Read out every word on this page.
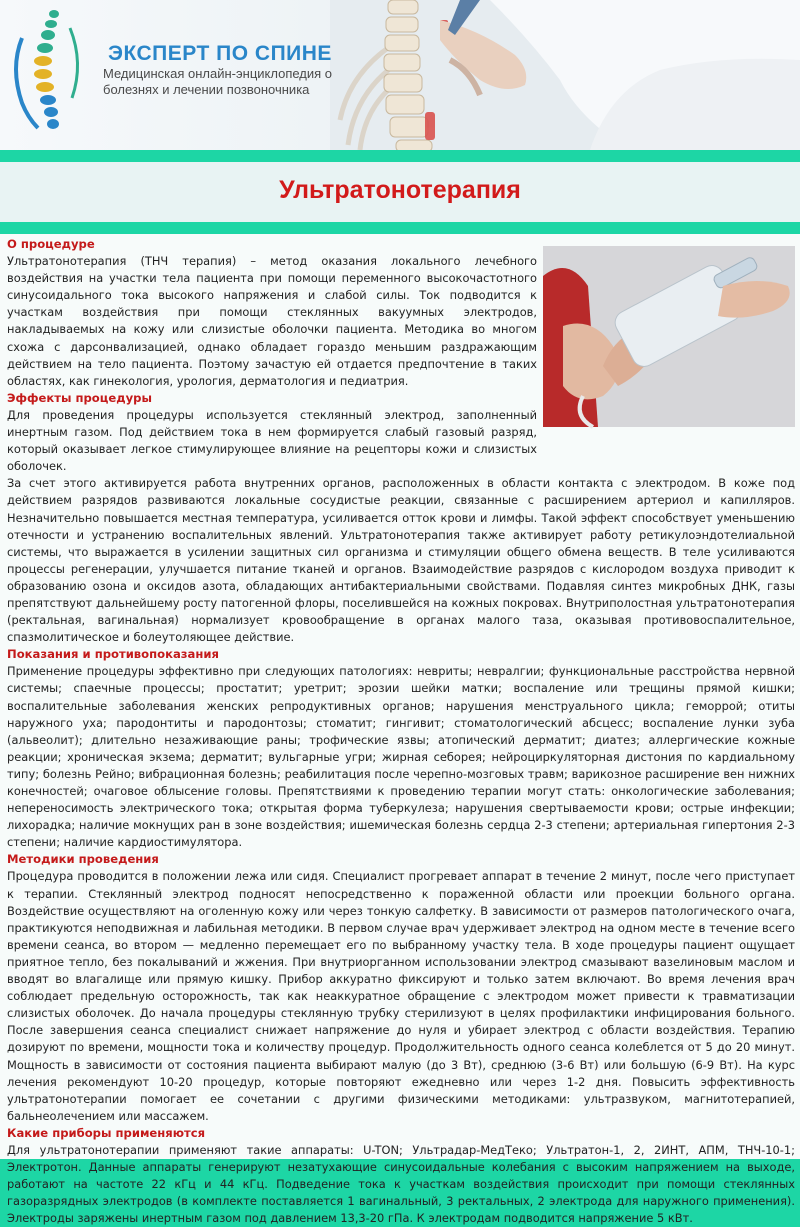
ЭКСПЕРТ ПО СПИНЕ
Медицинская онлайн-энциклопедия о болезнях и лечении позвоночника
Ультратонотерапия
О процедуре
Ультратонотерапия (ТНЧ терапия) – метод оказания локального лечебного воздействия на участки тела пациента при помощи переменного высокочастотного синусоидального тока высокого напряжения и слабой силы. Ток подводится к участкам воздействия при помощи стеклянных вакуумных электродов, накладываемых на кожу или слизистые оболочки пациента. Методика во многом схожа с дарсонвализацией, однако обладает гораздо меньшим раздражающим действием на тело пациента. Поэтому зачастую ей отдается предпочтение в таких областях, как гинекология, урология, дерматология и педиатрия.
Эффекты процедуры
Для проведения процедуры используется стеклянный электрод, заполненный инертным газом. Под действием тока в нем формируется слабый газовый разряд, который оказывает легкое стимулирующее влияние на рецепторы кожи и слизистых оболочек.
За счет этого активируется работа внутренних органов, расположенных в области контакта с электродом. В коже под действием разрядов развиваются локальные сосудистые реакции, связанные с расширением артериол и капилляров. Незначительно повышается местная температура, усиливается отток крови и лимфы. Такой эффект способствует уменьшению отечности и устранению воспалительных явлений. Ультратонотерапия также активирует работу ретикулоэндотелиальной системы, что выражается в усилении защитных сил организма и стимуляции общего обмена веществ. В теле усиливаются процессы регенерации, улучшается питание тканей и органов. Взаимодействие разрядов с кислородом воздуха приводит к образованию озона и оксидов азота, обладающих антибактериальными свойствами. Подавляя синтез микробных ДНК, газы препятствуют дальнейшему росту патогенной флоры, поселившейся на кожных покровах. Внутриполостная ультратонотерапия (ректальная, вагинальная) нормализует кровообращение в органах малого таза, оказывая противовоспалительное, спазмолитическое и болеутоляющее действие.
Показания и противопоказания
Применение процедуры эффективно при следующих патологиях: невриты; невралгии; функциональные расстройства нервной системы; спаечные процессы; простатит; уретрит; эрозии шейки матки; воспаление или трещины прямой кишки; воспалительные заболевания женских репродуктивных органов; нарушения менструального цикла; геморрой; отиты наружного уха; пародонтиты и пародонтозы; стоматит; гингивит; стоматологический абсцесс; воспаление лунки зуба (альвеолит); длительно незаживающие раны; трофические язвы; атопический дерматит; диатез; аллергические кожные реакции; хроническая экзема; дерматит; вульгарные угри; жирная себорея; нейроциркуляторная дистония по кардиальному типу; болезнь Рейно; вибрационная болезнь; реабилитация после черепно-мозговых травм; варикозное расширение вен нижних конечностей; очаговое облысение головы. Препятствиями к проведению терапии могут стать: онкологические заболевания; непереносимость электрического тока; открытая форма туберкулеза; нарушения свертываемости крови; острые инфекции; лихорадка; наличие мокнущих ран в зоне воздействия; ишемическая болезнь сердца 2-3 степени; артериальная гипертония 2-3 степени; наличие кардиостимулятора.
Методики проведения
Процедура проводится в положении лежа или сидя. Специалист прогревает аппарат в течение 2 минут, после чего приступает к терапии. Стеклянный электрод подносят непосредственно к пораженной области или проекции больного органа. Воздействие осуществляют на оголенную кожу или через тонкую салфетку. В зависимости от размеров патологического очага, практикуются неподвижная и лабильная методики. В первом случае врач удерживает электрод на одном месте в течение всего времени сеанса, во втором — медленно перемещает его по выбранному участку тела. В ходе процедуры пациент ощущает приятное тепло, без покалываний и жжения. При внутриорганном использовании электрод смазывают вазелиновым маслом и вводят во влагалище или прямую кишку. Прибор аккуратно фиксируют и только затем включают. Во время лечения врач соблюдает предельную осторожность, так как неаккуратное обращение с электродом может привести к травматизации слизистых оболочек. До начала процедуры стеклянную трубку стерилизуют в целях профилактики инфицирования больного. После завершения сеанса специалист снижает напряжение до нуля и убирает электрод с области воздействия. Терапию дозируют по времени, мощности тока и количеству процедур. Продолжительность одного сеанса колеблется от 5 до 20 минут. Мощность в зависимости от состояния пациента выбирают малую (до 3 Вт), среднюю (3-6 Вт) или большую (6-9 Вт). На курс лечения рекомендуют 10-20 процедур, которые повторяют ежедневно или через 1-2 дня. Повысить эффективность ультратонотерапии помогает ее сочетании с другими физическими методиками: ультразвуком, магнитотерапией, бальнеолечением или массажем.
Какие приборы применяются
Для ультратонотерапии применяют такие аппараты: U-TON; Ультрадар-МедТеко; Ультратон-1, 2, 2ИНТ, АПМ, ТНЧ-10-1; Электротон. Данные аппараты генерируют незатухающие синусоидальные колебания с высоким напряжением на выходе, работают на частоте 22 кГц и 44 кГц. Подведение тока к участкам воздействия происходит при помощи стеклянных газоразрядных электродов (в комплекте поставляется 1 вагинальный, 3 ректальных, 2 электрода для наружного применения). Электроды заряжены инертным газом под давлением 13,3-20 гПа. К электродам подводится напряжение 5 кВт.
